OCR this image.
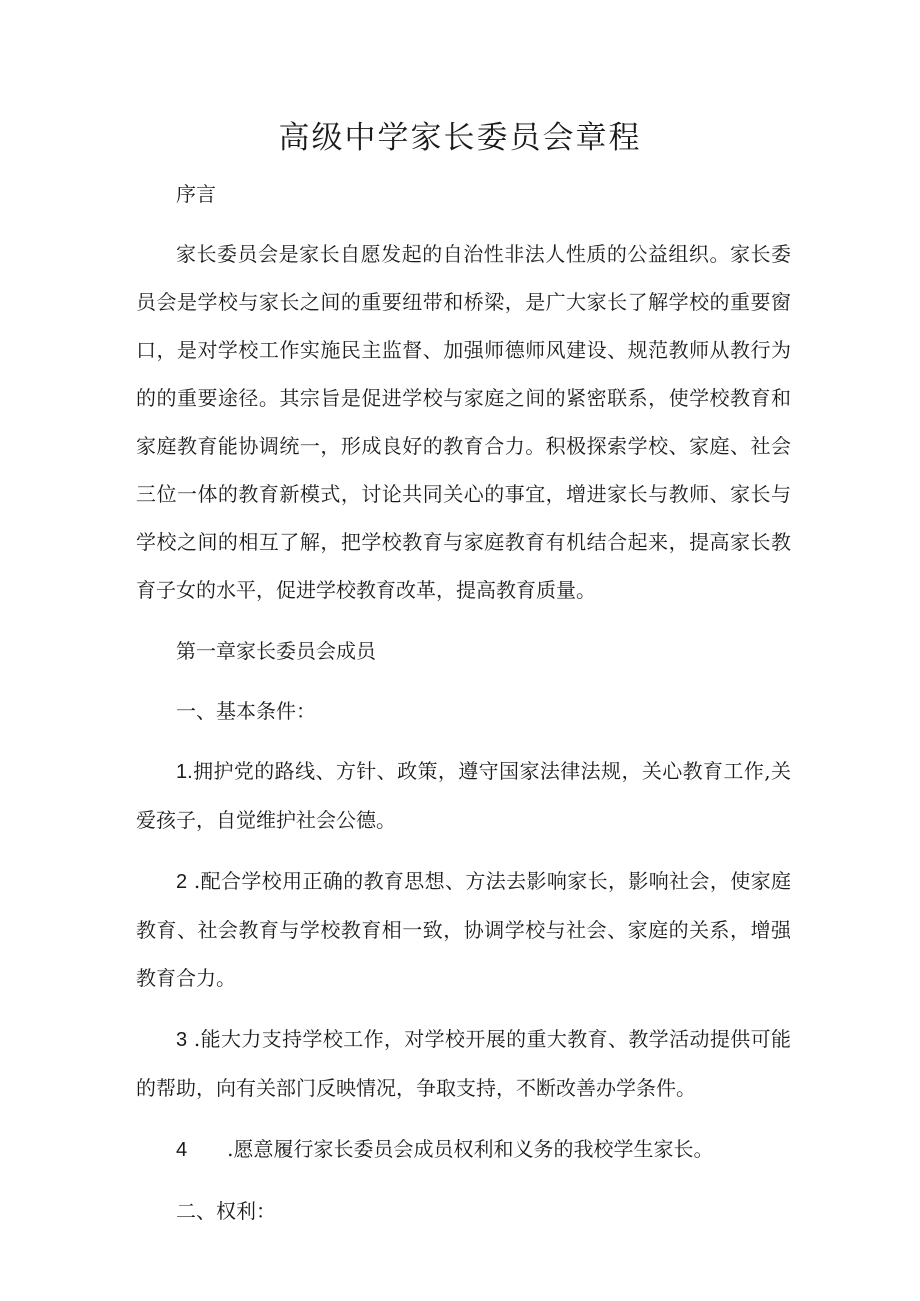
高级中学家长委员会章程

序言

家长委员会是家长自愿发起的自治性非法人性质的公益组织。家长委员会是学校与家长之间的重要纽带和桥梁，是广大家长了解学校的重要窗口，是对学校工作实施民主监督、加强师德师风建设、规范教师从教行为的的重要途径。其宗旨是促进学校与家庭之间的紧密联系，使学校教育和家庭教育能协调统一，形成良好的教育合力。积极探索学校、家庭、社会三位一体的教育新模式，讨论共同关心的事宜，增进家长与教师、家长与学校之间的相互了解，把学校教育与家庭教育有机结合起来，提高家长教育子女的水平，促进学校教育改革，提高教育质量。

第一章家长委员会成员

一、基本条件：

1.拥护党的路线、方针、政策，遵守国家法律法规，关心教育工作,关爱孩子，自觉维护社会公德。

2 .配合学校用正确的教育思想、方法去影响家长，影响社会，使家庭教育、社会教育与学校教育相一致，协调学校与社会、家庭的关系，增强教育合力。

3 .能大力支持学校工作，对学校开展的重大教育、教学活动提供可能的帮助，向有关部门反映情况，争取支持，不断改善办学条件。

4 .愿意履行家长委员会成员权利和义务的我校学生家长。

二、权利：
